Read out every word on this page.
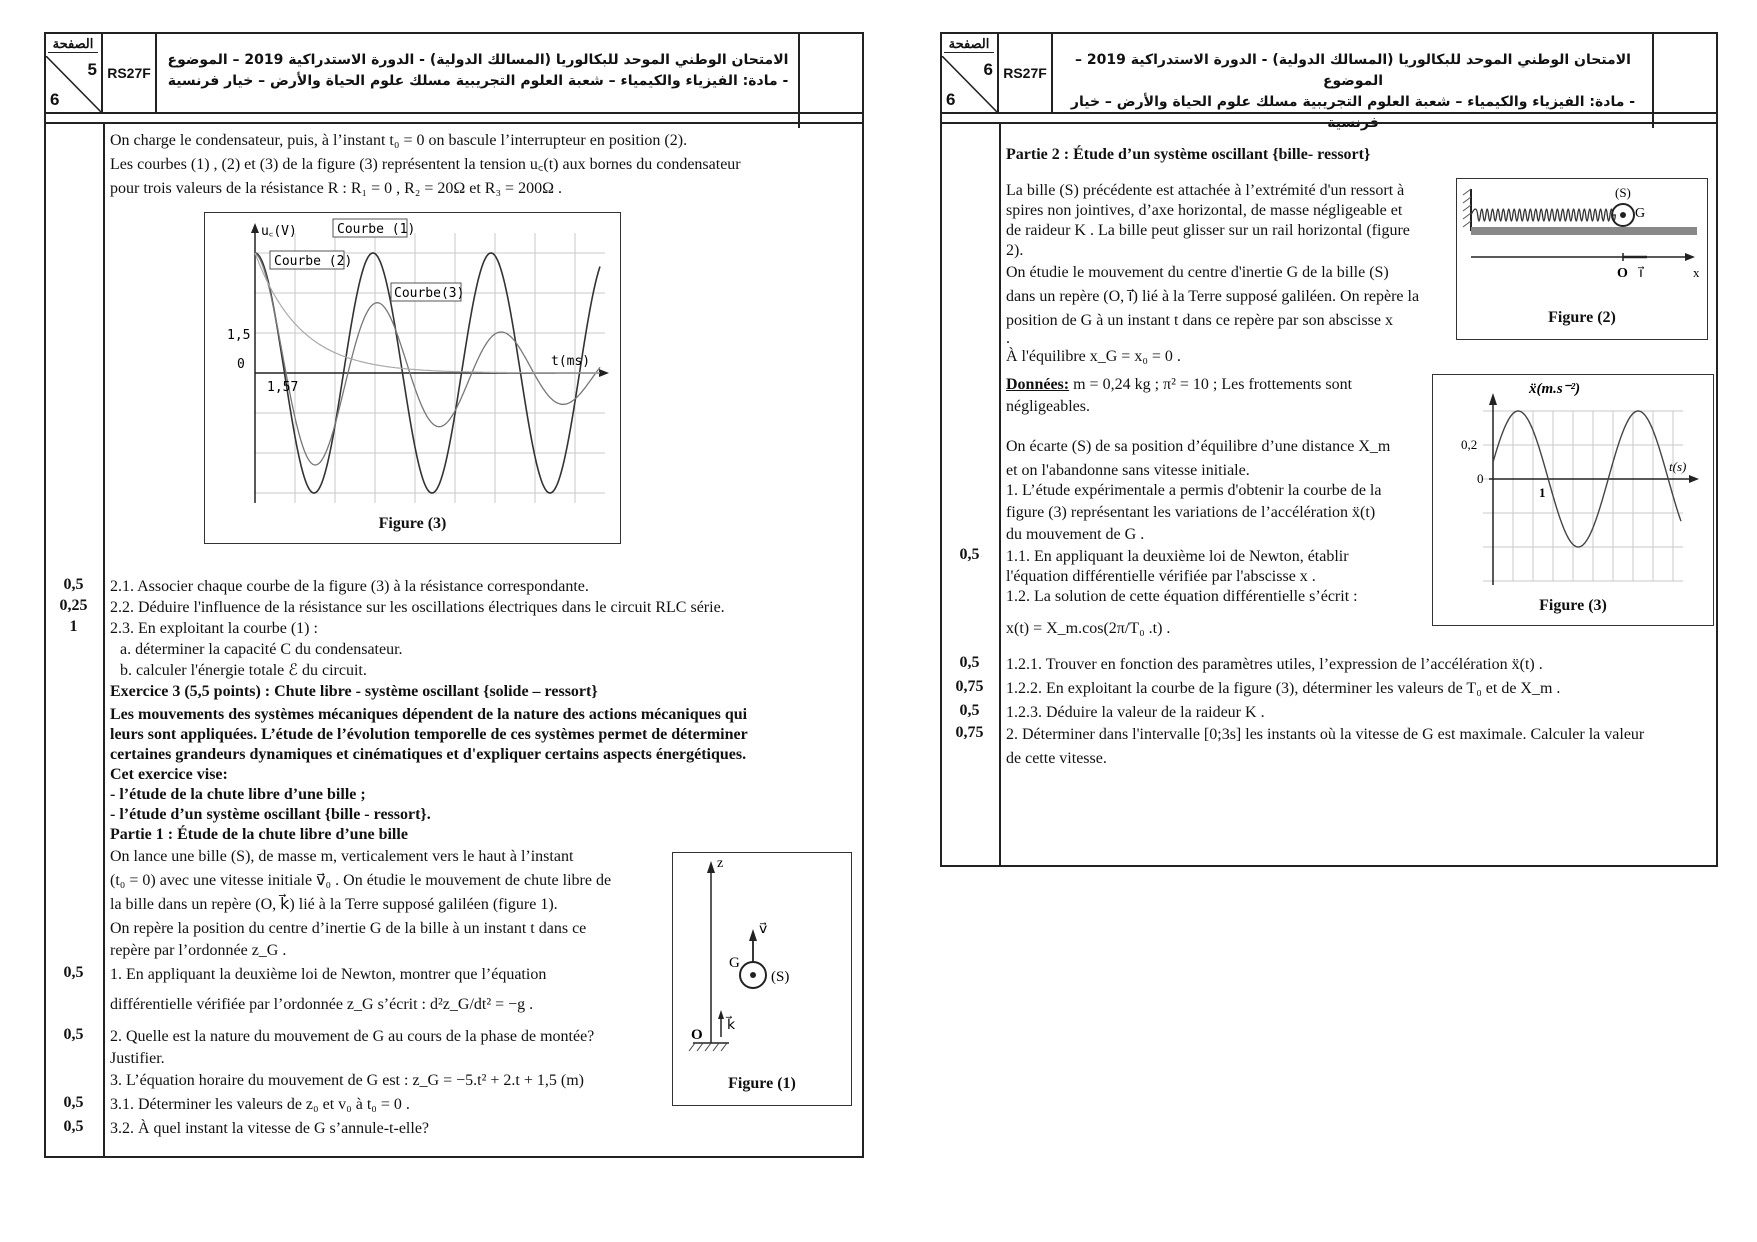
الصفحة
5
6
RS27F
الامتحان الوطني الموحد للبكالوريا (المسالك الدولية) - الدورة الاستدراكية 2019 – الموضوع
- مادة: الفيزياء والكيمياء – شعبة العلوم التجريبية مسلك علوم الحياة والأرض – خيار فرنسية
On charge le condensateur, puis, à l’instant t₀ = 0 on bascule l’interrupteur en position (2).
Les courbes (1) , (2) et (3) de la figure (3) représentent la tension u꜀(t) aux bornes du condensateur
pour trois valeurs de la résistance R : R₁ = 0 , R₂ = 20Ω et R₃ = 200Ω .
Courbe (1)
Courbe (2)
Courbe(3)
u꜀(V)
t(ms)
1,5
0
1,57
Figure (3)
0,5	2.1. Associer chaque courbe de la figure (3) à la résistance correspondante.
0,25	2.2. Déduire l'influence de la résistance sur les oscillations électriques dans le circuit RLC série.
1	2.3. En exploitant la courbe (1) :
a. déterminer la capacité C du condensateur.
b. calculer l'énergie totale ℰ du circuit.
Exercice 3 (5,5 points) : Chute libre - système oscillant {solide – ressort}
Les mouvements des systèmes mécaniques dépendent de la nature des actions mécaniques qui
leurs sont appliquées. L’étude de l’évolution temporelle de ces systèmes permet de déterminer
certaines grandeurs dynamiques et cinématiques et d'expliquer certains aspects énergétiques.
Cet exercice vise:
- l’étude de la chute libre d’une bille ;
- l’étude d’un système oscillant {bille - ressort}.
Partie 1 : Étude de la chute libre d’une bille
On lance une bille (S), de masse m, verticalement vers le haut à l’instant
(t₀ = 0) avec une vitesse initiale v⃗₀ . On étudie le mouvement de chute libre de
la bille dans un repère (O, k⃗) lié à la Terre supposé galiléen (figure 1).
On repère la position du centre d’inertie G de la bille à un instant t dans ce
repère par l’ordonnée z_G .
z
O
k⃗
v⃗
G
(S)
Figure (1)
0,5	1. En appliquant la deuxième loi de Newton, montrer que l’équation
différentielle vérifiée par l’ordonnée z_G s’écrit : d²z_G/dt² = −g .
0,5	2. Quelle est la nature du mouvement de G au cours de la phase de montée?
Justifier.
3. L’équation horaire du mouvement de G est : z_G = −5.t² + 2.t + 1,5 (m)
0,5	3.1. Déterminer les valeurs de z₀ et v₀ à t₀ = 0 .
0,5	3.2. À quel instant la vitesse de G s’annule-t-elle?
الصفحة
6
6
RS27F
الامتحان الوطني الموحد للبكالوريا (المسالك الدولية) - الدورة الاستدراكية 2019 – الموضوع
- مادة: الفيزياء والكيمياء – شعبة العلوم التجريبية مسلك علوم الحياة والأرض – خيار فرنسية
Partie 2 : Étude d’un système oscillant {bille- ressort}
La bille (S) précédente est attachée à l’extrémité d'un ressort à
spires non jointives, d’axe horizontal, de masse négligeable et
de raideur K . La bille peut glisser sur un rail horizontal (figure
2).
On étudie le mouvement du centre d'inertie G de la bille (S)
dans un repère (O, i⃗) lié à la Terre supposé galiléen. On repère la
position de G à un instant t dans ce repère par son abscisse x
.
À l'équilibre x_G = x₀ = 0 .
(S)
G
O i⃗	x
Figure (2)
Données: m = 0,24 kg ; π² = 10 ; Les frottements sont
négligeables.
On écarte (S) de sa position d’équilibre d’une distance X_m
et on l'abandonne sans vitesse initiale.
1. L’étude expérimentale a permis d'obtenir la courbe de la
figure (3) représentant les variations de l’accélération ẍ(t)
du mouvement de G .
ẍ(m.s⁻²)
t(s)
0,2
0
1
Figure (3)
0,5	1.1. En appliquant la deuxième loi de Newton, établir
l'équation différentielle vérifiée par l'abscisse x .
1.2. La solution de cette équation différentielle s’écrit :
x(t) = X_m.cos(2π/T₀ .t) .
0,5	1.2.1. Trouver en fonction des paramètres utiles, l’expression de l’accélération ẍ(t) .
0,75	1.2.2. En exploitant la courbe de la figure (3), déterminer les valeurs de T₀ et de X_m .
0,5	1.2.3. Déduire la valeur de la raideur K .
0,75	2. Déterminer dans l'intervalle [0;3s] les instants où la vitesse de G est maximale. Calculer la valeur
de cette vitesse.
